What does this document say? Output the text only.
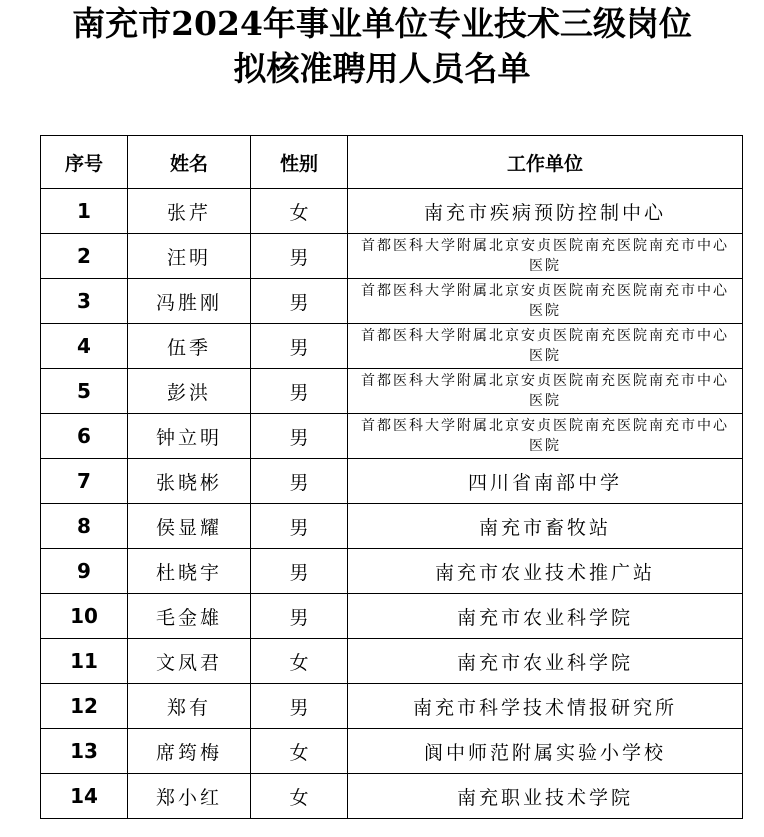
南充市2024年事业单位专业技术三级岗位
拟核准聘用人员名单
序号	姓名	性别	工作单位
1	张芹	女	南充市疾病预防控制中心
2	汪明	男	首都医科大学附属北京安贞医院南充医院南充市中心医院
3	冯胜刚	男	首都医科大学附属北京安贞医院南充医院南充市中心医院
4	伍季	男	首都医科大学附属北京安贞医院南充医院南充市中心医院
5	彭洪	男	首都医科大学附属北京安贞医院南充医院南充市中心医院
6	钟立明	男	首都医科大学附属北京安贞医院南充医院南充市中心医院
7	张晓彬	男	四川省南部中学
8	侯显耀	男	南充市畜牧站
9	杜晓宇	男	南充市农业技术推广站
10	毛金雄	男	南充市农业科学院
11	文凤君	女	南充市农业科学院
12	郑有	男	南充市科学技术情报研究所
13	席筠梅	女	阆中师范附属实验小学校
14	郑小红	女	南充职业技术学院
